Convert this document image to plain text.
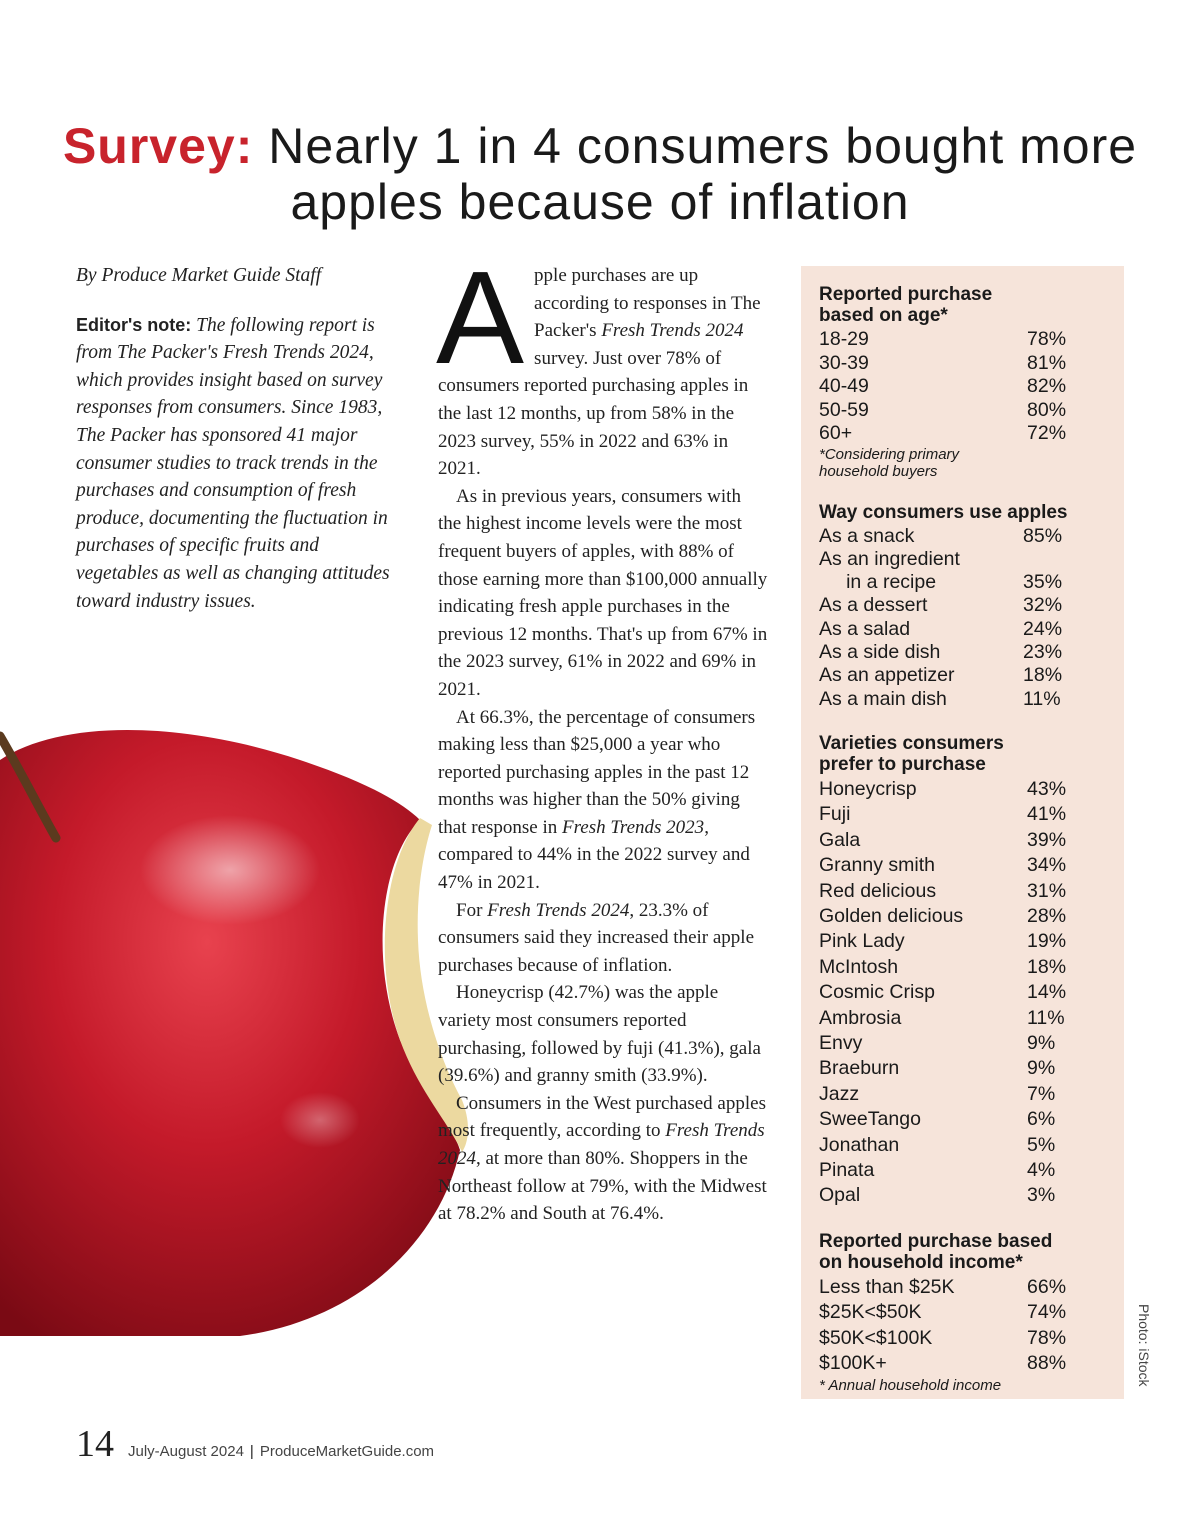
Survey: Nearly 1 in 4 consumers bought more apples because of inflation

By Produce Market Guide Staff

Editor's note: The following report is from The Packer's Fresh Trends 2024, which provides insight based on survey responses from consumers. Since 1983, The Packer has sponsored 41 major consumer studies to track trends in the purchases and consumption of fresh produce, documenting the fluctuation in purchases of specific fruits and vegetables as well as changing attitudes toward industry issues.

Apple purchases are up according to responses in The Packer's Fresh Trends 2024 survey. Just over 78% of consumers reported purchasing apples in the last 12 months, up from 58% in the 2023 survey, 55% in 2022 and 63% in 2021.

As in previous years, consumers with the highest income levels were the most frequent buyers of apples, with 88% of those earning more than $100,000 annually indicating fresh apple purchases in the previous 12 months. That's up from 67% in the 2023 survey, 61% in 2022 and 69% in 2021.

At 66.3%, the percentage of consumers making less than $25,000 a year who reported purchasing apples in the past 12 months was higher than the 50% giving that response in Fresh Trends 2023, compared to 44% in the 2022 survey and 47% in 2021.

For Fresh Trends 2024, 23.3% of consumers said they increased their apple purchases because of inflation.

Honeycrisp (42.7%) was the apple variety most consumers reported purchasing, followed by fuji (41.3%), gala (39.6%) and granny smith (33.9%).

Consumers in the West purchased apples most frequently, according to Fresh Trends 2024, at more than 80%. Shoppers in the Northeast follow at 79%, with the Midwest at 78.2% and South at 76.4%.

Reported purchase
based on age*
18-29	78%
30-39	81%
40-49	82%
50-59	80%
60+	72%
*Considering primary
household buyers
Way consumers use apples
As a snack	85%
As an ingredient
in a recipe	35%
As a dessert	32%
As a salad	24%
As a side dish	23%
As an appetizer	18%
As a main dish	11%
Varieties consumers
prefer to purchase
Honeycrisp	43%
Fuji	41%
Gala	39%
Granny smith	34%
Red delicious	31%
Golden delicious	28%
Pink Lady	19%
McIntosh	18%
Cosmic Crisp	14%
Ambrosia	11%
Envy	9%
Braeburn	9%
Jazz	7%
SweeTango	6%
Jonathan	5%
Pinata	4%
Opal	3%
Reported purchase based
on household income*
Less than $25K	66%
$25K<$50K	74%
$50K<$100K	78%
$100K+	88%
* Annual household income	Photo: iStock
14 July-August 2024 | ProduceMarketGuide.com
